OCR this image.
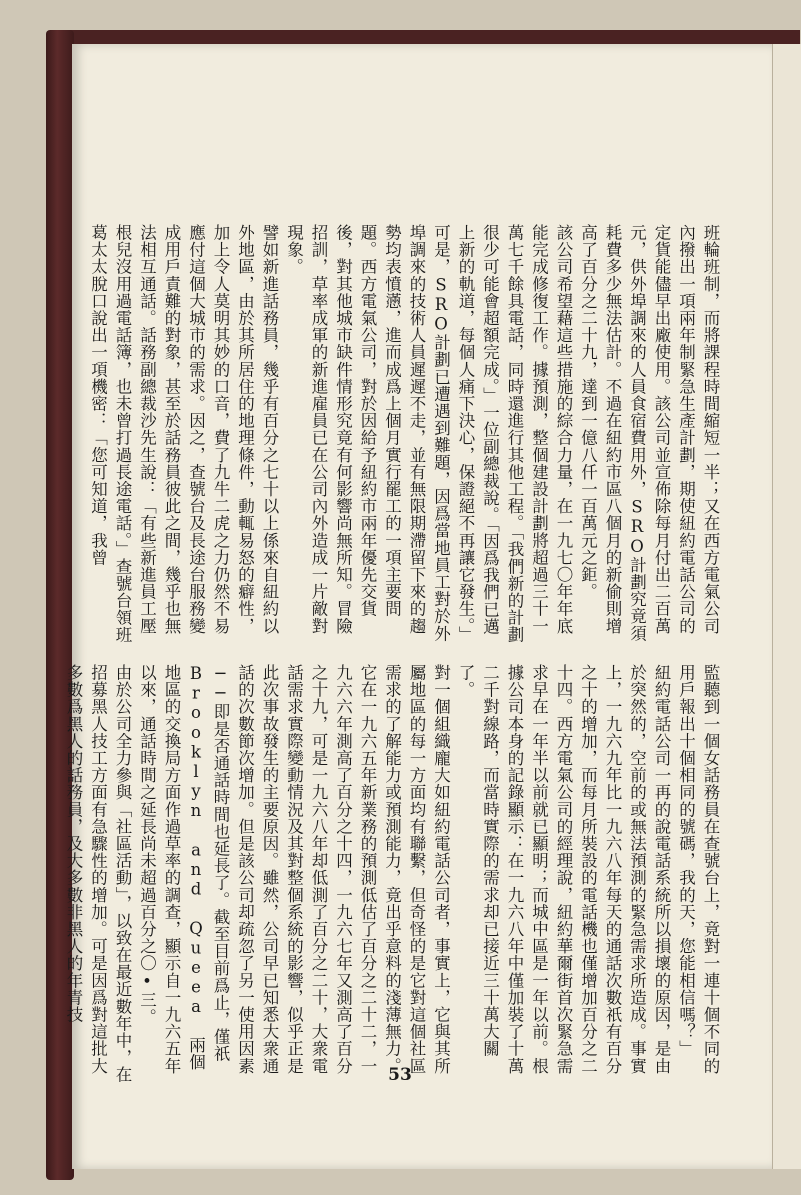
班輪班制，而將課程時間縮短一半；又在西方電氣公司內撥出一項兩年制緊急生產計劃，期使紐約電話公司的定貨能儘早出廠使用。該公司並宣佈除每月付出二百萬元，供外埠調來的人員食宿費用外，SRO計劃究竟須耗費多少無法估計。不過在紐約市區八個月的新偷則增高了百分之二十九，達到一億八仟一百萬元之鉅。

該公司希望藉這些措施的綜合力量，在一九七〇年年底能完成修復工作。據預測，整個建設計劃將超過三十一萬七千餘具電話，同時還進行其他工程。「我們新的計劃很少可能會超額完成。」一位副總裁說。「因爲我們已邁上新的軌道，每個人痛下決心，保證絕不再讓它發生。」

可是，SRO計劃已遭遇到難題，因爲當地員工對於外埠調來的技術人員遲遲不走，並有無限期滯留下來的趨勢均表憤懣，進而成爲上個月實行罷工的一項主要問題。西方電氣公司，對於因給予紐約市兩年優先交貨後，對其他城市缺件情形究竟有何影響尚無所知。冒險招訓，草率成軍的新進雇員已在公司內外造成一片敵對現象。

譬如新進話務員，幾乎有百分之七十以上係來自紐約以外地區，由於其所居住的地理條件，動輒易怒的癖性，加上令人莫明其妙的口音，費了九牛二虎之力仍然不易應付這個大城市的需求。因之，查號台及長途台服務變成用戶責難的對象，甚至於話務員彼此之間，幾乎也無法相互通話。話務副總裁沙先生說：「有些新進員工壓根兒沒用過電話簿，也未曾打過長途電話。」查號台領班葛太太脫口說出一項機密：「您可知道，我曾

監聽到一個女話務員在查號台上，竟對一連十個不同的用戶報出十個相同的號碼，我的天，您能相信嗎？」

紐約電話公司一再的說電話系統所以損壞的原因，是由於突然的，空前的或無法預測的緊急需求所造成。事實上，一九六九年比一九六八年每天的通話次數祇有百分之十的增加，而每月所裝設的電話機也僅增加百分之二十四。西方電氣公司的經理說，紐約華爾街首次緊急需求早在一年半以前就已顯明；而城中區是一年以前。根據公司本身的記錄顯示：在一九六八年中僅加裝了十萬二千對線路，而當時實際的需求却已接近三十萬大關了。

對一個組織龐大如紐約電話公司者，事實上，它與其所屬地區的每一方面均有聯繫，但奇怪的是它對這個社區需求的了解能力或預測能力，竟出乎意料的淺薄無力。它在一九六五年新業務的預測低估了百分之二十二，一九六六年測高了百分之十四，一九六七年又測高了百分之十九，可是一九六八年却低測了百分之二十，大衆電話需求實際變動情況及其對整個系統的影響，似乎正是此次事故發生的主要原因。雖然，公司早已知悉大衆通話的次數節次增加。但是該公司却疏忽了另一使用因素──即是否通話時間也延長了。截至目前爲止，僅祇 Brooklyn and Queea 兩個地區的交換局方面作過草率的調查，顯示自一九六五年以來，通話時間之延長尚未超過百分之〇•三。

由於公司全力參與「社區活動」，以致在最近數年中，在招募黑人技工方面有急驟性的增加。可是因爲對這批大多數爲黑人的話務員，及大多數非黑人的年青技

53
